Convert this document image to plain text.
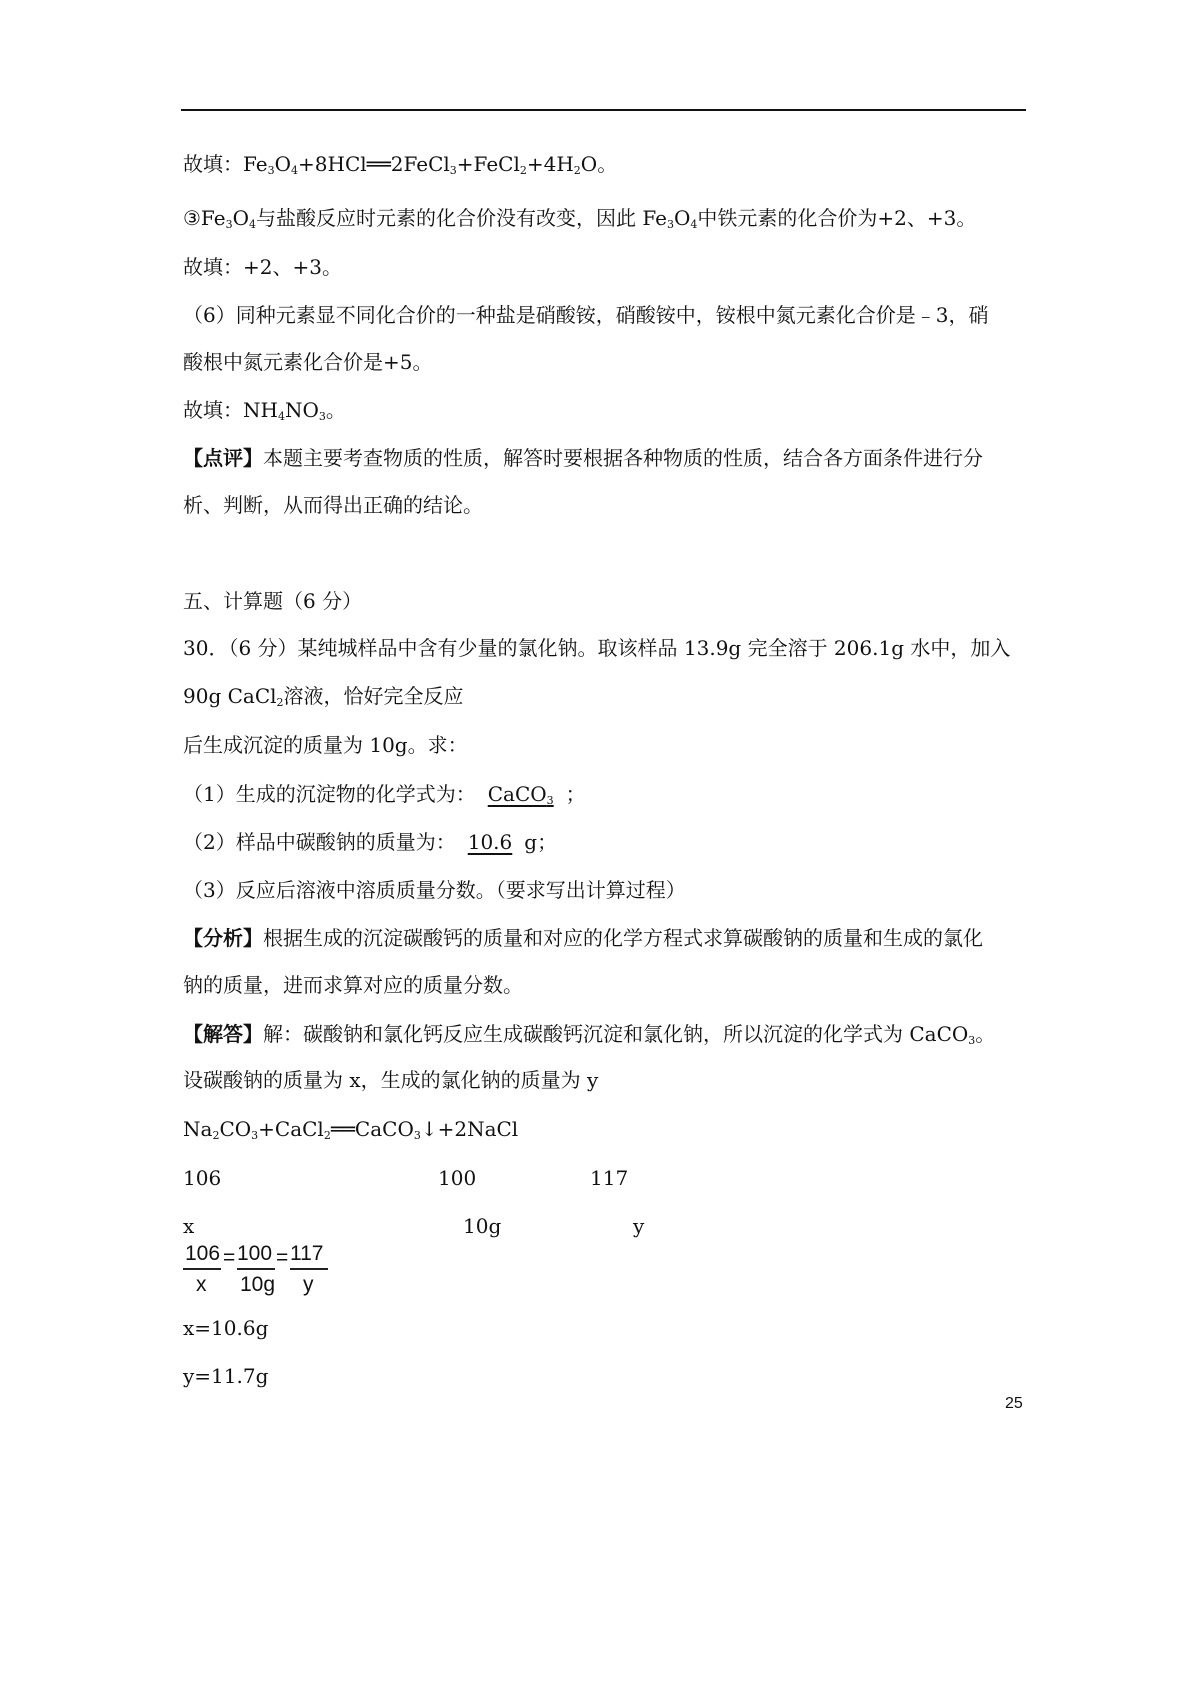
故填：$Fe_3O_4+8HCl══2FeCl_3+FeCl_2+4H_2O$。
$③Fe_3O_4$与盐酸反应时元素的化合价没有改变，因此 $Fe_3O_4$中铁元素的化合价为+2、+3。
故填：+2、+3。
（6）同种元素显不同化合价的一种盐是硝酸铵，硝酸铵中，铵根中氮元素化合价是﹣3，硝
酸根中氮元素化合价是+5。
故填：$NH_4NO_3$。
【点评】本题主要考查物质的性质，解答时要根据各种物质的性质，结合各方面条件进行分
析、判断，从而得出正确的结论。
五、计算题（6 分）
30．（6 分）某纯城样品中含有少量的氯化钠。取该样品 13.9g 完全溶于 206.1g 水中，加入
90g CaCl$_2$溶液，恰好完全反应
后生成沉淀的质量为 10g。求：
（1）生成的沉淀物的化学式为： CaCO$_3$ ；
（2）样品中碳酸钠的质量为： 10.6 g；
（3）反应后溶液中溶质质量分数。（要求写出计算过程）
【分析】根据生成的沉淀碳酸钙的质量和对应的化学方程式求算碳酸钠的质量和生成的氯化
钠的质量，进而求算对应的质量分数。
【解答】解：碳酸钠和氯化钙反应生成碳酸钙沉淀和氯化钠，所以沉淀的化学式为 CaCO$_3$。
设碳酸钠的质量为 x，生成的氯化钠的质量为 y
$Na_2CO_3+CaCl_2══CaCO_3↓+2NaCl$
106	100	117
x	10g	y
106 = 100 = 117
x 10g y
x=10.6g
y=11.7g
25
